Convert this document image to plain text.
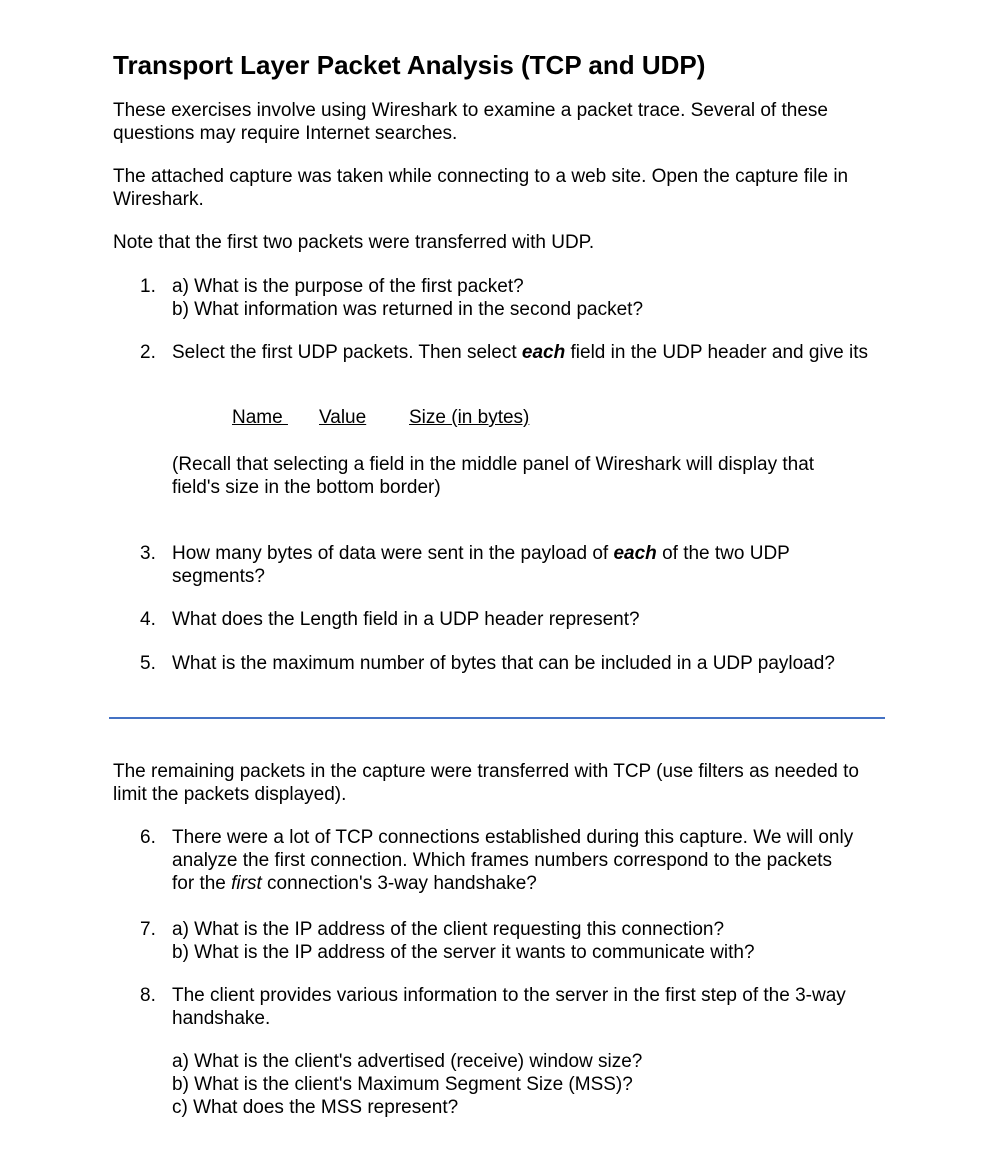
Transport Layer Packet Analysis (TCP and UDP)

These exercises involve using Wireshark to examine a packet trace. Several of these questions may require Internet searches.

The attached capture was taken while connecting to a web site. Open the capture file in Wireshark.

Note that the first two packets were transferred with UDP.

1. a) What is the purpose of the first packet?
b) What information was returned in the second packet?

2. Select the first UDP packets. Then select each field in the UDP header and give its

Name Value Size (in bytes)

(Recall that selecting a field in the middle panel of Wireshark will display that field's size in the bottom border)

3. How many bytes of data were sent in the payload of each of the two UDP segments?

4. What does the Length field in a UDP header represent?

5. What is the maximum number of bytes that can be included in a UDP payload?

The remaining packets in the capture were transferred with TCP (use filters as needed to limit the packets displayed).

6. There were a lot of TCP connections established during this capture. We will only
analyze the first connection. Which frames numbers correspond to the packets
for the first connection's 3-way handshake?

7. a) What is the IP address of the client requesting this connection?
b) What is the IP address of the server it wants to communicate with?

8. The client provides various information to the server in the first step of the 3-way handshake.

a) What is the client's advertised (receive) window size?
b) What is the client's Maximum Segment Size (MSS)?
c) What does the MSS represent?
